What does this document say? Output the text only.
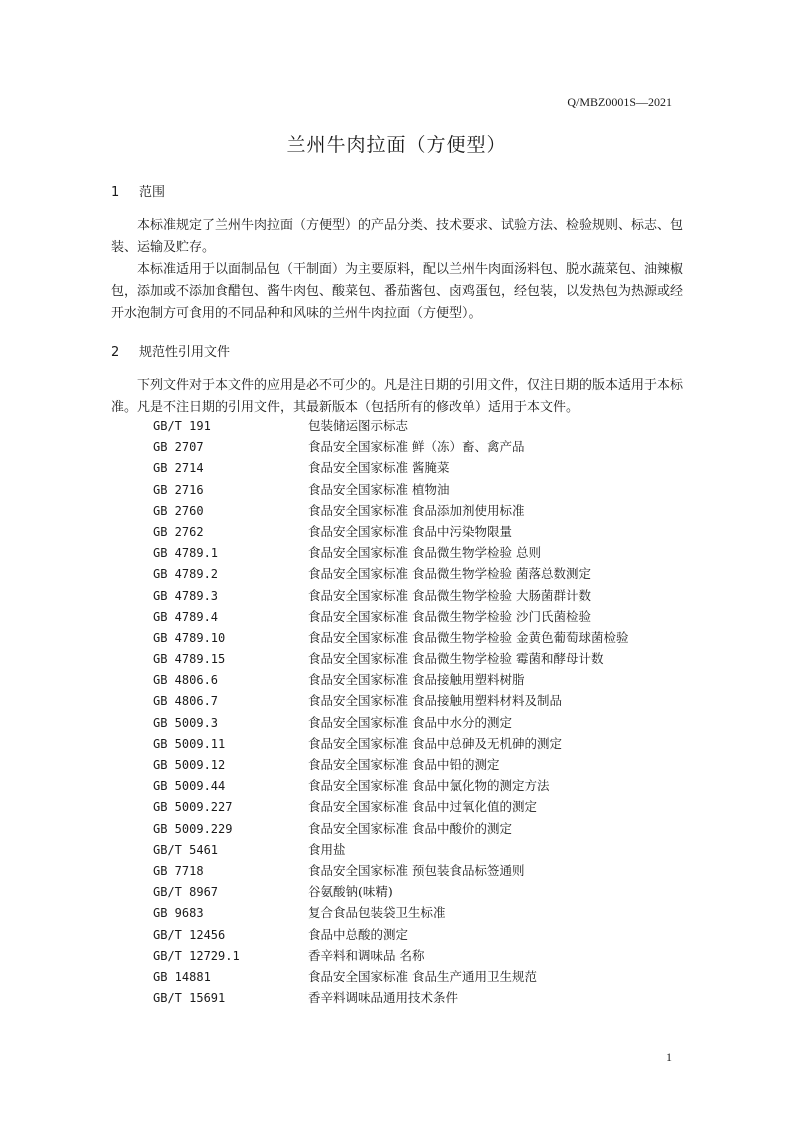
Q/MBZ0001S—2021
兰州牛肉拉面（方便型）
1 范围
本标准规定了兰州牛肉拉面（方便型）的产品分类、技术要求、试验方法、检验规则、标志、包装、运输及贮存。
本标准适用于以面制品包（干制面）为主要原料，配以兰州牛肉面汤料包、脱水蔬菜包、油辣椒包，添加或不添加食醋包、酱牛肉包、酸菜包、番茄酱包、卤鸡蛋包，经包装，以发热包为热源或经开水泡制方可食用的不同品种和风味的兰州牛肉拉面（方便型）。
2 规范性引用文件
下列文件对于本文件的应用是必不可少的。凡是注日期的引用文件，仅注日期的版本适用于本标准。凡是不注日期的引用文件，其最新版本（包括所有的修改单）适用于本文件。
GB/T 191	包装储运图示标志
GB 2707	食品安全国家标准 鲜（冻）畜、禽产品
GB 2714	食品安全国家标准 酱腌菜
GB 2716	食品安全国家标准 植物油
GB 2760	食品安全国家标准 食品添加剂使用标准
GB 2762	食品安全国家标准 食品中污染物限量
GB 4789.1	食品安全国家标准 食品微生物学检验 总则
GB 4789.2	食品安全国家标准 食品微生物学检验 菌落总数测定
GB 4789.3	食品安全国家标准 食品微生物学检验 大肠菌群计数
GB 4789.4	食品安全国家标准 食品微生物学检验 沙门氏菌检验
GB 4789.10	食品安全国家标准 食品微生物学检验 金黄色葡萄球菌检验
GB 4789.15	食品安全国家标准 食品微生物学检验 霉菌和酵母计数
GB 4806.6	食品安全国家标准 食品接触用塑料树脂
GB 4806.7	食品安全国家标准 食品接触用塑料材料及制品
GB 5009.3	食品安全国家标准 食品中水分的测定
GB 5009.11	食品安全国家标准 食品中总砷及无机砷的测定
GB 5009.12	食品安全国家标准 食品中铅的测定
GB 5009.44	食品安全国家标准 食品中氯化物的测定方法
GB 5009.227	食品安全国家标准 食品中过氧化值的测定
GB 5009.229	食品安全国家标准 食品中酸价的测定
GB/T 5461	食用盐
GB 7718	食品安全国家标准 预包装食品标签通则
GB/T 8967	谷氨酸钠(味精)
GB 9683	复合食品包装袋卫生标准
GB/T 12456	食品中总酸的测定
GB/T 12729.1	香辛料和调味品 名称
GB 14881	食品安全国家标准 食品生产通用卫生规范
GB/T 15691	香辛料调味品通用技术条件
1
